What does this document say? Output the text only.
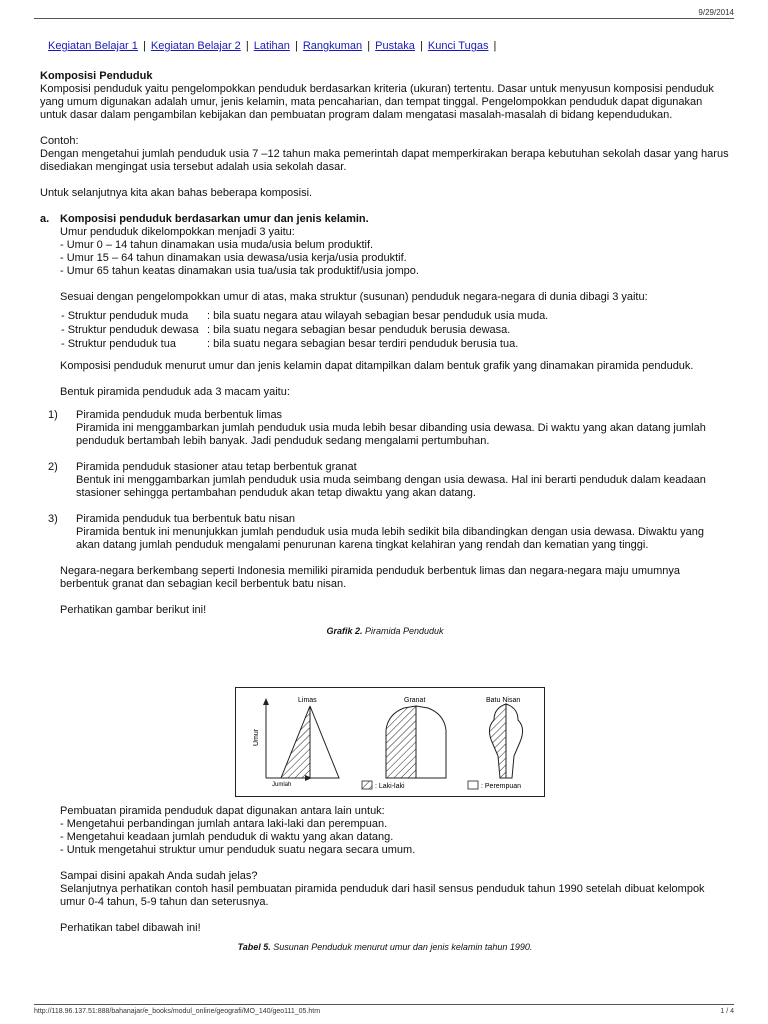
9/29/2014
Kegiatan Belajar 1 | Kegiatan Belajar 2 | Latihan | Rangkuman | Pustaka | Kunci Tugas |

Komposisi Penduduk

Komposisi penduduk yaitu pengelompokkan penduduk berdasarkan kriteria (ukuran) tertentu. Dasar untuk menyusun komposisi penduduk yang umum digunakan adalah umur, jenis kelamin, mata pencaharian, dan tempat tinggal. Pengelompokkan penduduk dapat digunakan untuk dasar dalam pengambilan kebijakan dan pembuatan program dalam mengatasi masalah-masalah di bidang kependudukan.

Contoh:

Dengan mengetahui jumlah penduduk usia 7 –12 tahun maka pemerintah dapat memperkirakan berapa kebutuhan sekolah dasar yang harus disediakan mengingat usia tersebut adalah usia sekolah dasar.

Untuk selanjutnya kita akan bahas beberapa komposisi.

a. Komposisi penduduk berdasarkan umur dan jenis kelamin.

Umur penduduk dikelompokkan menjadi 3 yaitu:

- Umur 0 – 14 tahun dinamakan usia muda/usia belum produktif.

- Umur 15 – 64 tahun dinamakan usia dewasa/usia kerja/usia produktif.

- Umur 65 tahun keatas dinamakan usia tua/usia tak produktif/usia jompo.

Sesuai dengan pengelompokkan umur di atas, maka struktur (susunan) penduduk negara-negara di dunia dibagi 3 yaitu:

- Struktur penduduk muda	: bila suatu negara atau wilayah sebagian besar penduduk usia muda.
- Struktur penduduk dewasa : bila suatu negara sebagian besar penduduk berusia dewasa.
- Struktur penduduk tua	: bila suatu negara sebagian besar terdiri penduduk berusia tua.

Komposisi penduduk menurut umur dan jenis kelamin dapat ditampilkan dalam bentuk grafik yang dinamakan piramida penduduk.

Bentuk piramida penduduk ada 3 macam yaitu:

1)	Piramida penduduk muda berbentuk limas

Piramida ini menggambarkan jumlah penduduk usia muda lebih besar dibanding usia dewasa. Di waktu yang akan datang jumlah penduduk bertambah lebih banyak. Jadi penduduk sedang mengalami pertumbuhan.

2)	Piramida penduduk stasioner atau tetap berbentuk granat

Bentuk ini menggambarkan jumlah penduduk usia muda seimbang dengan usia dewasa. Hal ini berarti penduduk dalam keadaan stasioner sehingga pertambahan penduduk akan tetap diwaktu yang akan datang.

3)	Piramida penduduk tua berbentuk batu nisan

Piramida bentuk ini menunjukkan jumlah penduduk usia muda lebih sedikit bila dibandingkan dengan usia dewasa. Diwaktu yang akan datang jumlah penduduk mengalami penurunan karena tingkat kelahiran yang rendah dan kematian yang tinggi.

Negara-negara berkembang seperti Indonesia memiliki piramida penduduk berbentuk limas dan negara-negara maju umumnya berbentuk granat dan sebagian kecil berbentuk batu nisan.

Perhatikan gambar berikut ini!

Grafik 2. Piramida Penduduk

Umur
Jumlah
Limas	Granat	Batu Nisan
: Laki-laki	: Perempuan

Pembuatan piramida penduduk dapat digunakan antara lain untuk:

- Mengetahui perbandingan jumlah antara laki-laki dan perempuan.

- Mengetahui keadaan jumlah penduduk di waktu yang akan datang.

- Untuk mengetahui struktur umur penduduk suatu negara secara umum.

Sampai disini apakah Anda sudah jelas?

Selanjutnya perhatikan contoh hasil pembuatan piramida penduduk dari hasil sensus penduduk tahun 1990 setelah dibuat kelompok umur 0-4 tahun, 5-9 tahun dan seterusnya.

Perhatikan tabel dibawah ini!

Tabel 5. Susunan Penduduk menurut umur dan jenis kelamin tahun 1990.

http://118.96.137.51:888/bahanajar/e_books/modul_online/geografi/MO_140/geo111_05.htm	1 / 4
